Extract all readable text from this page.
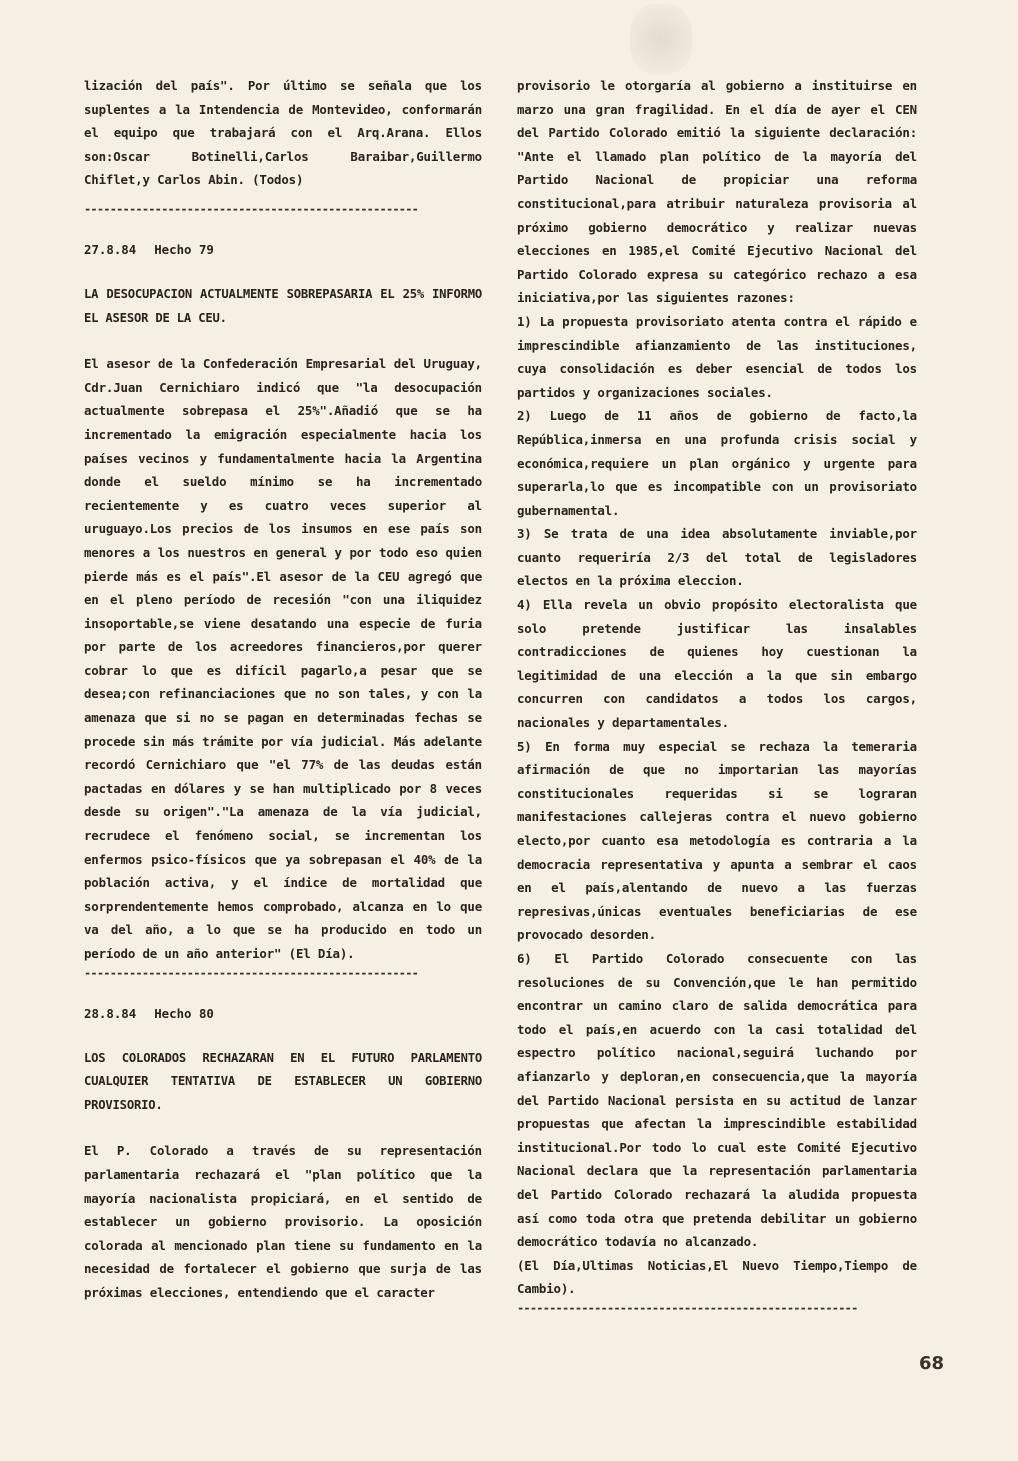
lización del país". Por último se señala que los suplentes a la Intendencia de Montevideo, conformarán el equipo que trabajará con el Arq.Arana. Ellos son:Oscar Botinelli,Carlos Baraibar,Guillermo Chiflet,y Carlos Abin. (Todos)

----------------------------------------------------
27.8.84 Hecho 79
LA DESOCUPACION ACTUALMENTE SOBREPASARIA EL 25% INFORMO EL ASESOR DE LA CEU.

El asesor de la Confederación Empresarial del Uruguay, Cdr.Juan Cernichiaro indicó que "la desocupación actualmente sobrepasa el 25%".Añadió que se ha incrementado la emigración especialmente hacia los países vecinos y fundamentalmente hacia la Argentina donde el sueldo mínimo se ha incrementado recientemente y es cuatro veces superior al uruguayo.Los precios de los insumos en ese país son menores a los nuestros en general y por todo eso quien pierde más es el país".El asesor de la CEU agregó que en el pleno período de recesión "con una iliquidez insoportable,se viene desatando una especie de furia por parte de los acreedores financieros,por querer cobrar lo que es difícil pagarlo,a pesar que se desea;con refinanciaciones que no son tales, y con la amenaza que si no se pagan en determinadas fechas se procede sin más trámite por vía judicial. Más adelante recordó Cernichiaro que "el 77% de las deudas están pactadas en dólares y se han multiplicado por 8 veces desde su origen"."La amenaza de la vía judicial, recrudece el fenómeno social, se incrementan los enfermos psico-físicos que ya sobrepasan el 40% de la población activa, y el índice de mortalidad que sorprendentemente hemos comprobado, alcanza en lo que va del año, a lo que se ha producido en todo un período de un año anterior" (El Día).

----------------------------------------------------
28.8.84 Hecho 80
LOS COLORADOS RECHAZARAN EN EL FUTURO PARLAMENTO CUALQUIER TENTATIVA DE ESTABLECER UN GOBIERNO PROVISORIO.

El P. Colorado a través de su representación parlamentaria rechazará el "plan político que la mayoría nacionalista propiciará, en el sentido de establecer un gobierno provisorio. La oposición colorada al mencionado plan tiene su fundamento en la necesidad de fortalecer el gobierno que surja de las próximas elecciones, entendiendo que el caracter

provisorio le otorgaría al gobierno a instituirse en marzo una gran fragilidad. En el día de ayer el CEN del Partido Colorado emitió la siguiente declaración: "Ante el llamado plan político de la mayoría del Partido Nacional de propiciar una reforma constitucional,para atribuir naturaleza provisoria al próximo gobierno democrático y realizar nuevas elecciones en 1985,el Comité Ejecutivo Nacional del Partido Colorado expresa su categórico rechazo a esa iniciativa,por las siguientes razones:

1) La propuesta provisoriato atenta contra el rápido e imprescindible afianzamiento de las instituciones, cuya consolidación es deber esencial de todos los partidos y organizaciones sociales.

2) Luego de 11 años de gobierno de facto,la República,inmersa en una profunda crisis social y económica,requiere un plan orgánico y urgente para superarla,lo que es incompatible con un provisoriato gubernamental.

3) Se trata de una idea absolutamente inviable,por cuanto requeriría 2/3 del total de legisladores electos en la próxima eleccion.

4) Ella revela un obvio propósito electoralista que solo pretende justificar las insalables contradicciones de quienes hoy cuestionan la legitimidad de una elección a la que sin embargo concurren con candidatos a todos los cargos, nacionales y departamentales.

5) En forma muy especial se rechaza la temeraria afirmación de que no importarian las mayorías constitucionales requeridas si se lograran manifestaciones callejeras contra el nuevo gobierno electo,por cuanto esa metodología es contraria a la democracia representativa y apunta a sembrar el caos en el país,alentando de nuevo a las fuerzas represivas,únicas eventuales beneficiarias de ese provocado desorden.

6) El Partido Colorado consecuente con las resoluciones de su Convención,que le han permitido encontrar un camino claro de salida democrática para todo el país,en acuerdo con la casi totalidad del espectro político nacional,seguirá luchando por afianzarlo y deploran,en consecuencia,que la mayoría del Partido Nacional persista en su actitud de lanzar propuestas que afectan la imprescindible estabilidad institucional.Por todo lo cual este Comité Ejecutivo Nacional declara que la representación parlamentaria del Partido Colorado rechazará la aludida propuesta así como toda otra que pretenda debilitar un gobierno democrático todavía no alcanzado.

(El Día,Ultimas Noticias,El Nuevo Tiempo,Tiempo de Cambio).

-----------------------------------------------------
68
